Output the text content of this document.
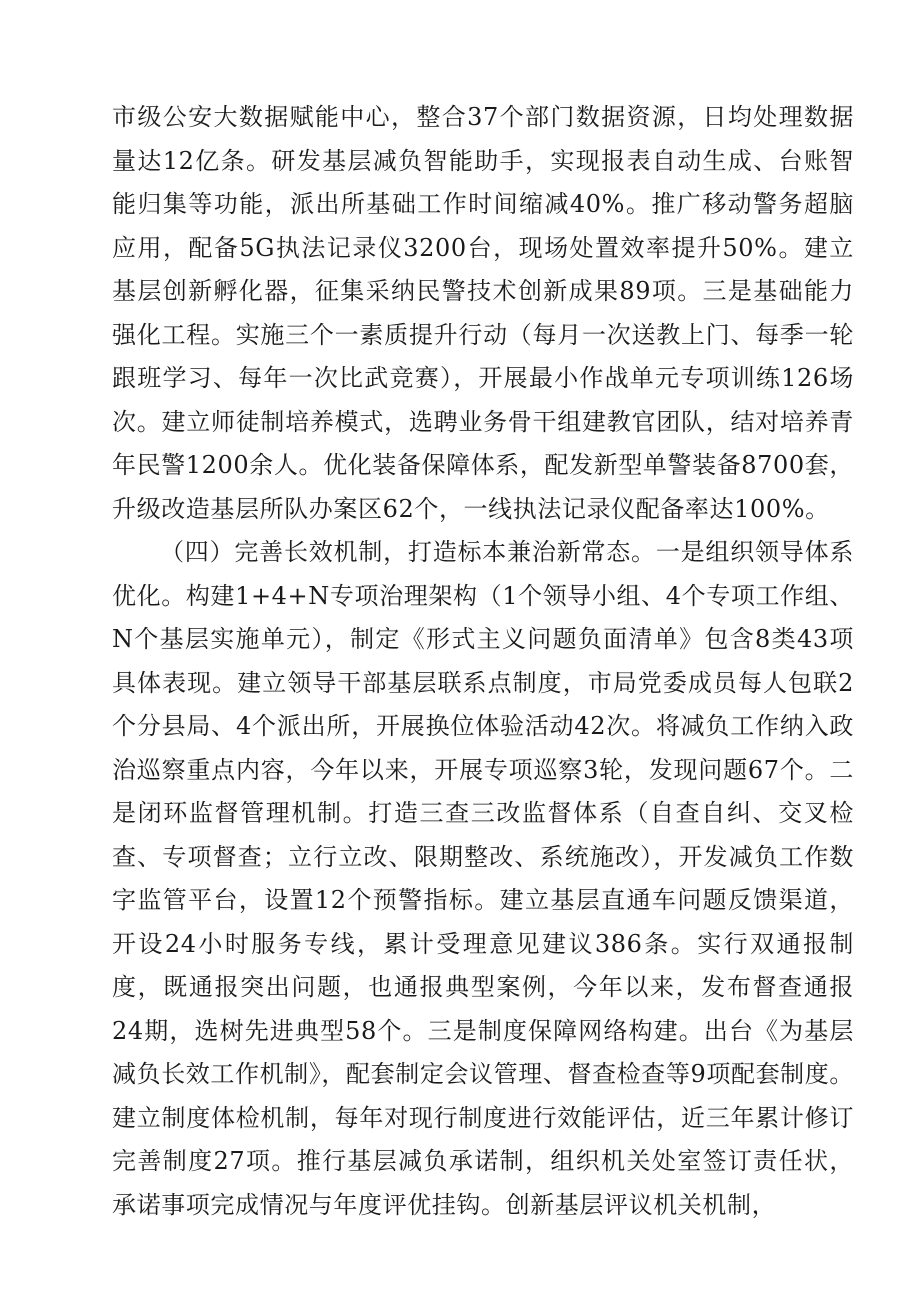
市级公安大数据赋能中心，整合37个部门数据资源，日均处理数据量达12亿条。研发基层减负智能助手，实现报表自动生成、台账智能归集等功能，派出所基础工作时间缩减40%。推广移动警务超脑应用，配备5G执法记录仪3200台，现场处置效率提升50%。建立基层创新孵化器，征集采纳民警技术创新成果89项。三是基础能力强化工程。实施三个一素质提升行动（每月一次送教上门、每季一轮跟班学习、每年一次比武竞赛），开展最小作战单元专项训练126场次。建立师徒制培养模式，选聘业务骨干组建教官团队，结对培养青年民警1200余人。优化装备保障体系，配发新型单警装备8700套，升级改造基层所队办案区62个，一线执法记录仪配备率达100%。

（四）完善长效机制，打造标本兼治新常态。一是组织领导体系优化。构建1+4+N专项治理架构（1个领导小组、4个专项工作组、N个基层实施单元），制定《形式主义问题负面清单》包含8类43项具体表现。建立领导干部基层联系点制度，市局党委成员每人包联2个分县局、4个派出所，开展换位体验活动42次。将减负工作纳入政治巡察重点内容，今年以来，开展专项巡察3轮，发现问题67个。二是闭环监督管理机制。打造三查三改监督体系（自查自纠、交叉检查、专项督查；立行立改、限期整改、系统施改），开发减负工作数字监管平台，设置12个预警指标。建立基层直通车问题反馈渠道，开设24小时服务专线，累计受理意见建议386条。实行双通报制度，既通报突出问题，也通报典型案例，今年以来，发布督查通报24期，选树先进典型58个。三是制度保障网络构建。出台《为基层减负长效工作机制》，配套制定会议管理、督查检查等9项配套制度。建立制度体检机制，每年对现行制度进行效能评估，近三年累计修订完善制度27项。推行基层减负承诺制，组织机关处室签订责任状，承诺事项完成情况与年度评优挂钩。创新基层评议机关机制，
